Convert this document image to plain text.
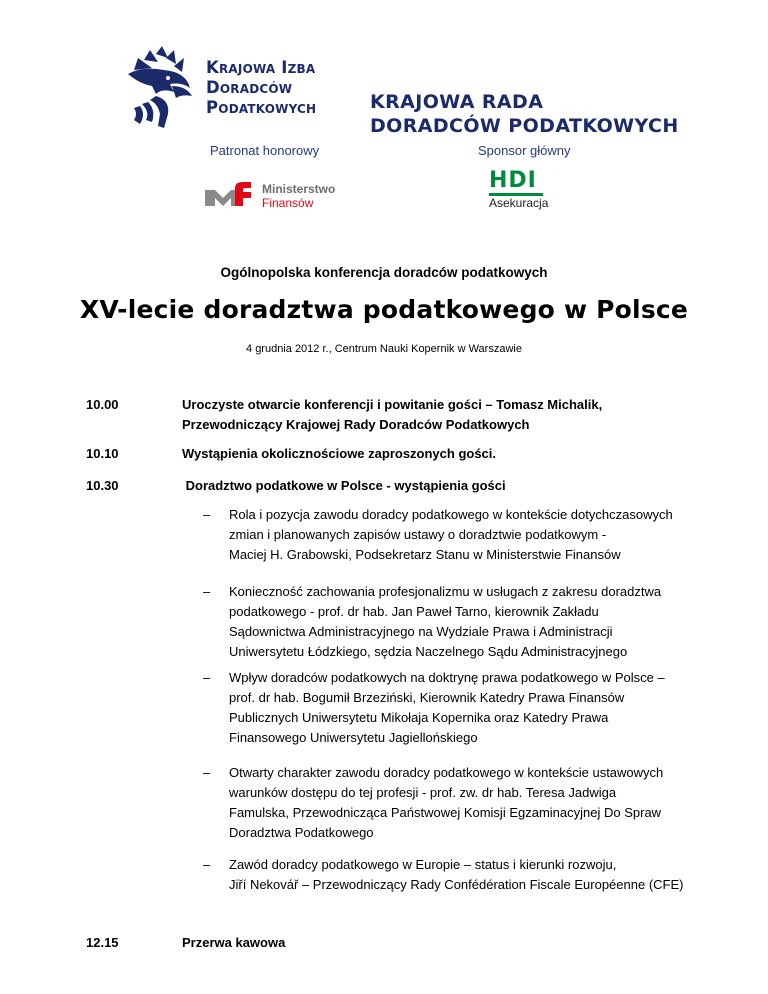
Krajowa Izba
Doradców
Podatkowych	KRAJOWA RADA
DORADCÓW PODATKOWYCH
Patronat honorowy	Sponsor główny
Ministerstwo
Finansów
HDI
Asekuracja
Ogólnopolska konferencja doradców podatkowych
XV-lecie doradztwa podatkowego w Polsce
4 grudnia 2012 r., Centrum Nauki Kopernik w Warszawie
10.00	Uroczyste otwarcie konferencji i powitanie gości – Tomasz Michalik,
Przewodniczący Krajowej Rady Doradców Podatkowych
10.10	Wystąpienia okolicznościowe zaproszonych gości.
10.30	Doradztwo podatkowe w Polsce - wystąpienia gości
– Rola i pozycja zawodu doradcy podatkowego w kontekście dotychczasowych
zmian i planowanych zapisów ustawy o doradztwie podatkowym -
Maciej H. Grabowski, Podsekretarz Stanu w Ministerstwie Finansów
– Konieczność zachowania profesjonalizmu w usługach z zakresu doradztwa
podatkowego - prof. dr hab. Jan Paweł Tarno, kierownik Zakładu
Sądownictwa Administracyjnego na Wydziale Prawa i Administracji
Uniwersytetu Łódzkiego, sędzia Naczelnego Sądu Administracyjnego
– Wpływ doradców podatkowych na doktrynę prawa podatkowego w Polsce –
prof. dr hab. Bogumił Brzeziński, Kierownik Katedry Prawa Finansów
Publicznych Uniwersytetu Mikołaja Kopernika oraz Katedry Prawa
Finansowego Uniwersytetu Jagiellońskiego
– Otwarty charakter zawodu doradcy podatkowego w kontekście ustawowych
warunków dostępu do tej profesji - prof. zw. dr hab. Teresa Jadwiga
Famulska, Przewodnicząca Państwowej Komisji Egzaminacyjnej Do Spraw
Doradztwa Podatkowego
– Zawód doradcy podatkowego w Europie – status i kierunki rozwoju,
Jiří Nekovář – Przewodniczący Rady Confédération Fiscale Européenne (CFE)
12.15	Przerwa kawowa
